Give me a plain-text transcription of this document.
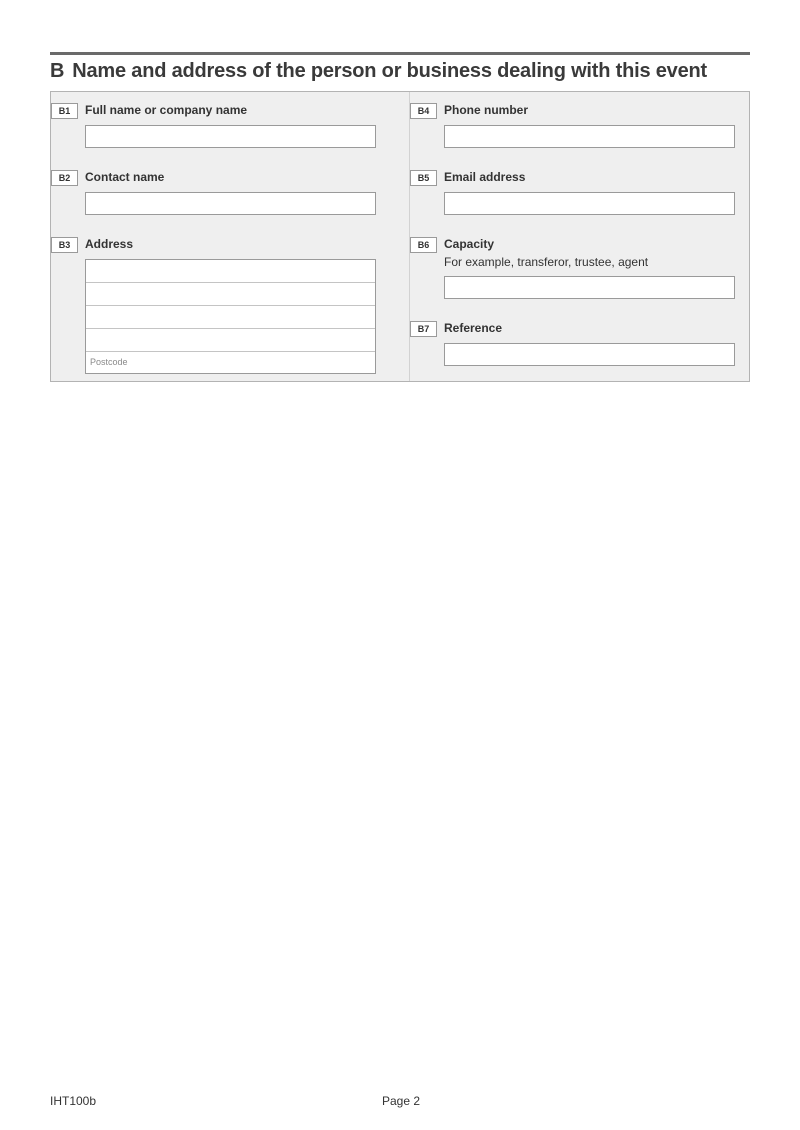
B Name and address of the person or business dealing with this event
B1	Full name or company name
B2	Contact name
B3	Address
Postcode
B4	Phone number
B5	Email address
B6	Capacity
For example, transferor, trustee, agent
B7	Reference
IHT100b	Page 2
